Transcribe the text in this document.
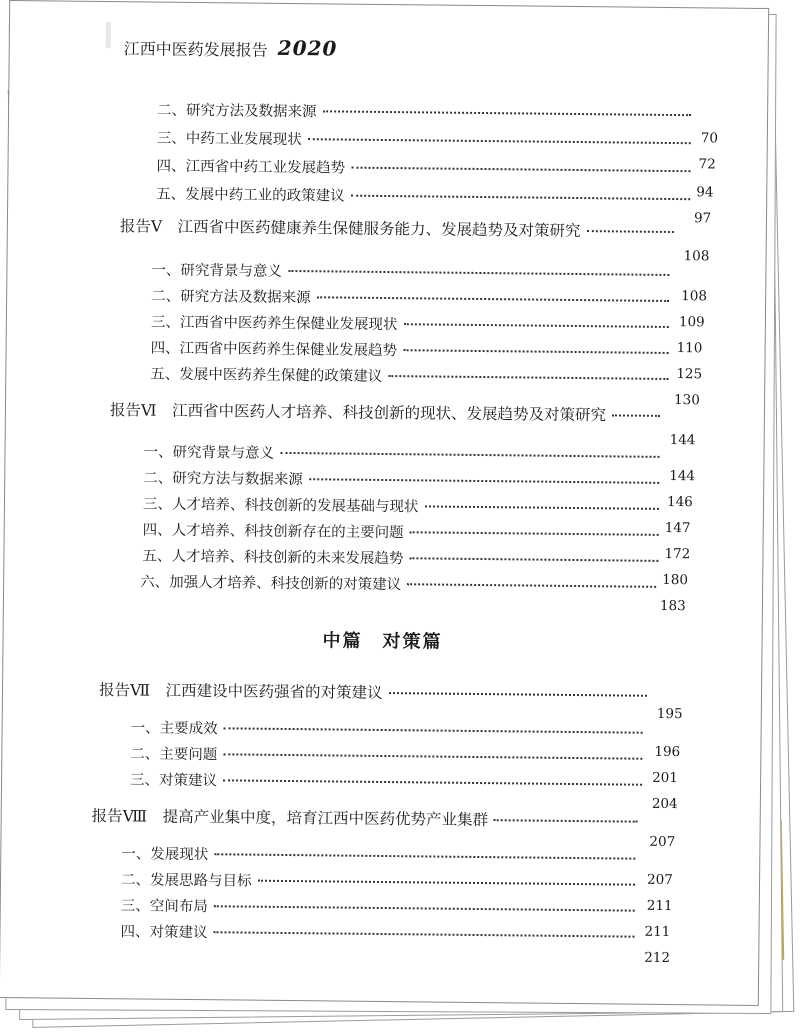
江西中医药发展报告 2020
二、研究方法及数据来源
70
三、中药工业发展现状
72
四、江西省中药工业发展趋势
94
五、发展中药工业的政策建议
97
报告Ⅴ　江西省中医药健康养生保健服务能力、发展趋势及对策研究
108
一、研究背景与意义
108
二、研究方法及数据来源
109
三、江西省中医药养生保健业发展现状
110
四、江西省中医药养生保健业发展趋势
125
五、发展中医药养生保健的政策建议
130
报告Ⅵ　江西省中医药人才培养、科技创新的现状、发展趋势及对策研究
144
一、研究背景与意义
144
二、研究方法与数据来源
146
三、人才培养、科技创新的发展基础与现状
147
四、人才培养、科技创新存在的主要问题
172
五、人才培养、科技创新的未来发展趋势
180
六、加强人才培养、科技创新的对策建议
183
中篇　对策篇
报告Ⅶ　江西建设中医药强省的对策建议
195
一、主要成效
196
二、主要问题
201
三、对策建议
204
报告Ⅷ　提高产业集中度，培育江西中医药优势产业集群
207
一、发展现状
207
二、发展思路与目标
211
三、空间布局
211
四、对策建议
212
